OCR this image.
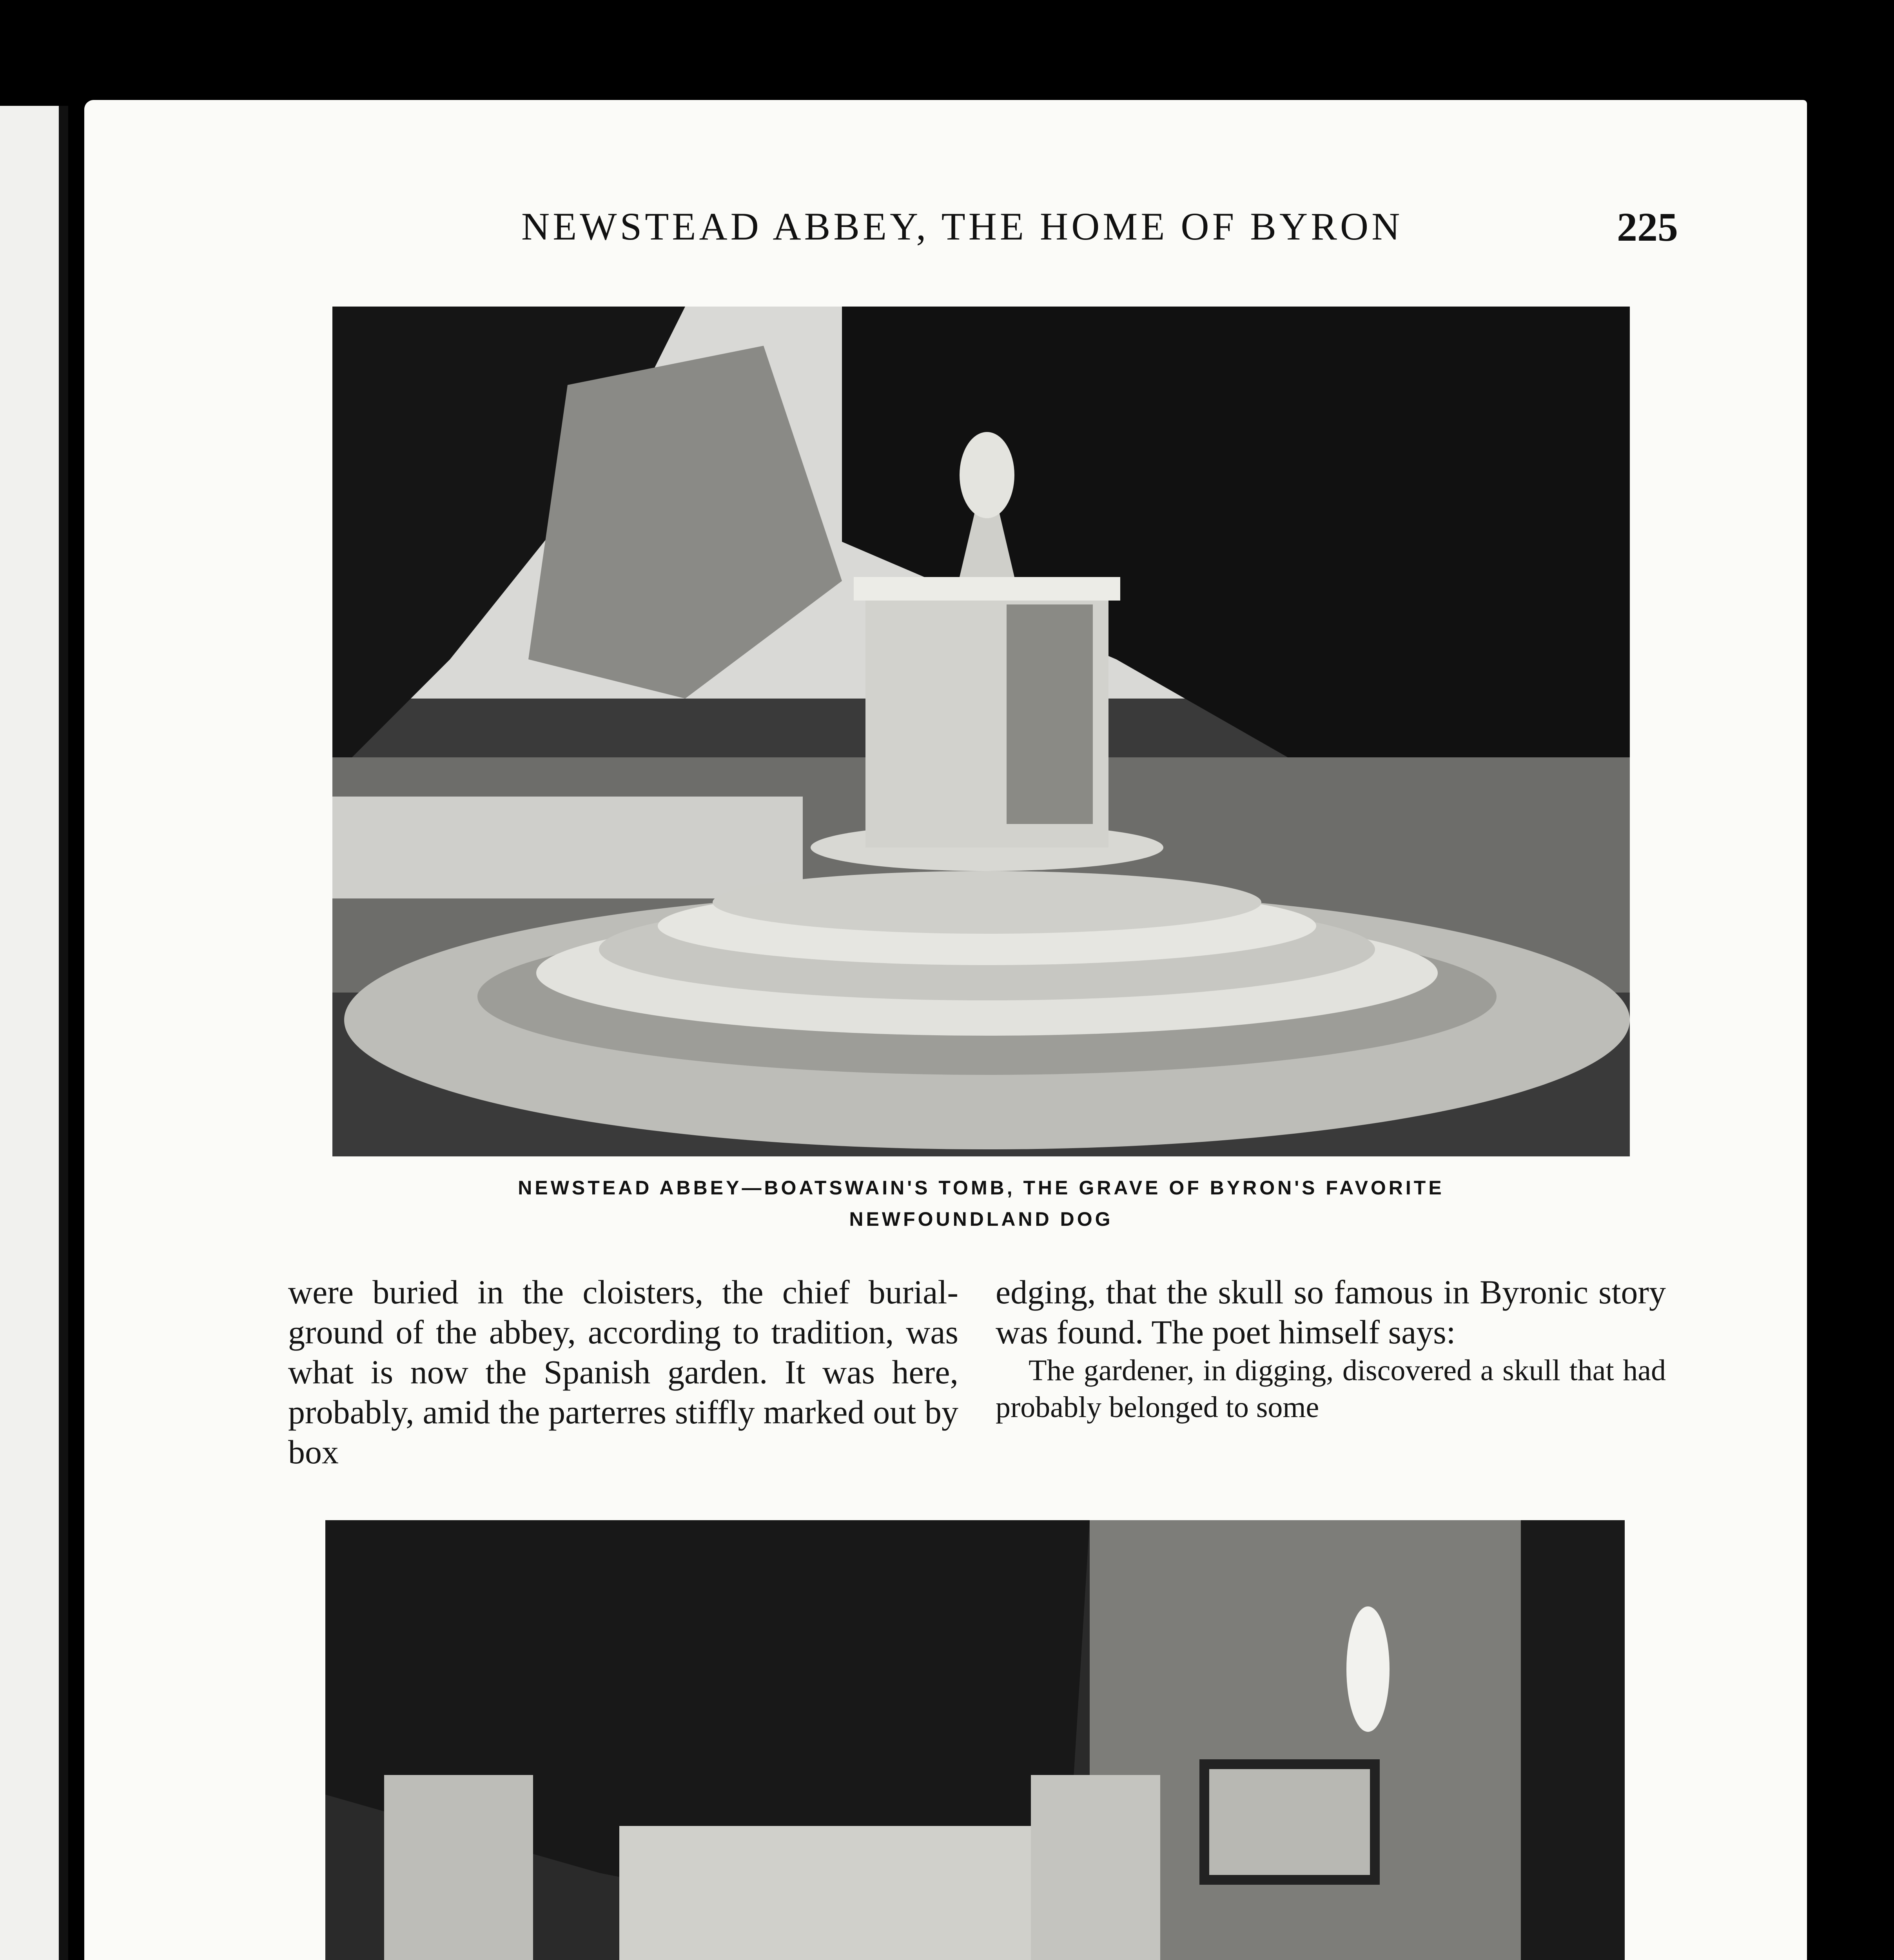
NEWSTEAD ABBEY, THE HOME OF BYRON	225
NEWSTEAD ABBEY—BOATSWAIN'S TOMB, THE GRAVE OF BYRON'S FAVORITE
NEWFOUNDLAND DOG

were buried in the cloisters, the chief burial-ground of the abbey, according to tradition, was what is now the Spanish garden. It was here, probably, amid the parterres stiffly marked out by box

edging, that the skull so famous in Byronic story was found. The poet himself says:

The gardener, in digging, discovered a skull that had probably belonged to some
